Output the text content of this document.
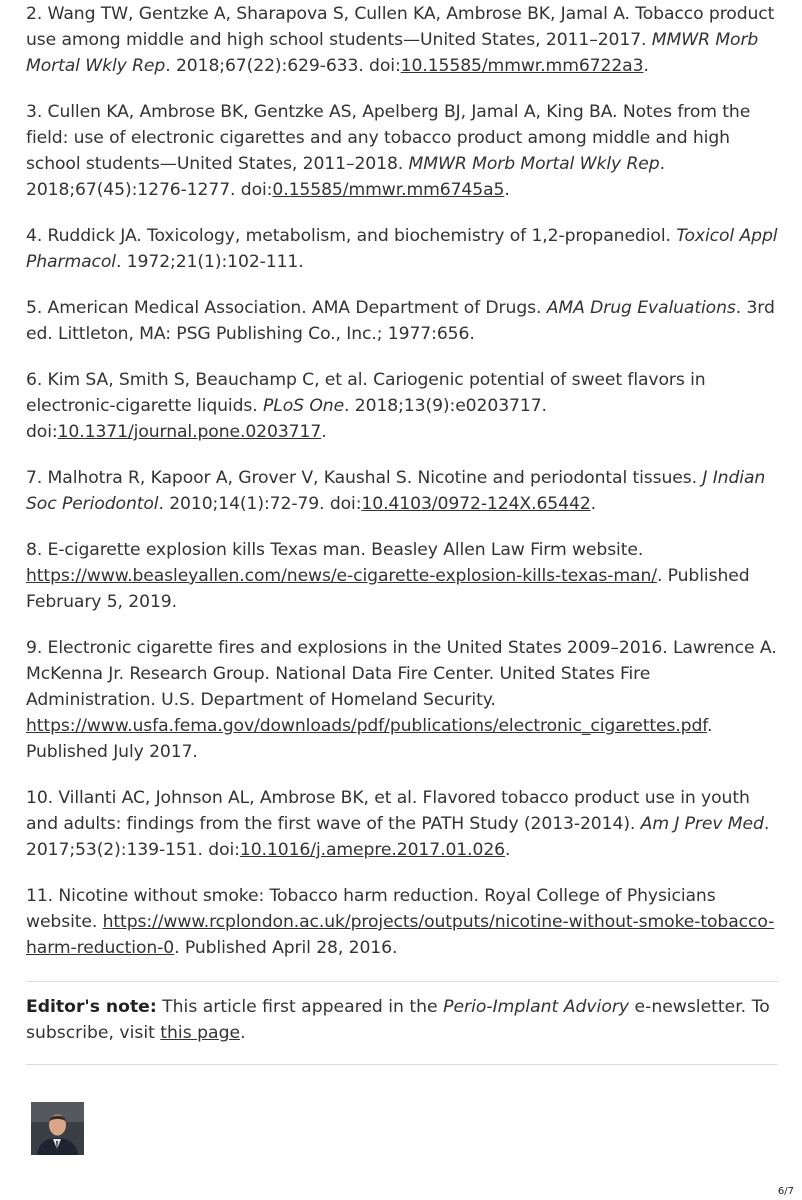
2. Wang TW, Gentzke A, Sharapova S, Cullen KA, Ambrose BK, Jamal A. Tobacco product use among middle and high school students—United States, 2011–2017. MMWR Morb Mortal Wkly Rep. 2018;67(22):629-633. doi:10.15585/mmwr.mm6722a3.

3. Cullen KA, Ambrose BK, Gentzke AS, Apelberg BJ, Jamal A, King BA. Notes from the field: use of electronic cigarettes and any tobacco product among middle and high school students—United States, 2011–2018. MMWR Morb Mortal Wkly Rep. 2018;67(45):1276-1277. doi:0.15585/mmwr.mm6745a5.

4. Ruddick JA. Toxicology, metabolism, and biochemistry of 1,2-propanediol. Toxicol Appl Pharmacol. 1972;21(1):102-111.

5. American Medical Association. AMA Department of Drugs. AMA Drug Evaluations. 3rd ed. Littleton, MA: PSG Publishing Co., Inc.; 1977:656.

6. Kim SA, Smith S, Beauchamp C, et al. Cariogenic potential of sweet flavors in electronic-cigarette liquids. PLoS One. 2018;13(9):e0203717. doi:10.1371/journal.pone.0203717.

7. Malhotra R, Kapoor A, Grover V, Kaushal S. Nicotine and periodontal tissues. J Indian Soc Periodontol. 2010;14(1):72-79. doi:10.4103/0972-124X.65442.

8. E-cigarette explosion kills Texas man. Beasley Allen Law Firm website. https://www.beasleyallen.com/news/e-cigarette-explosion-kills-texas-man/. Published February 5, 2019.

9. Electronic cigarette fires and explosions in the United States 2009–2016. Lawrence A. McKenna Jr. Research Group. National Data Fire Center. United States Fire Administration. U.S. Department of Homeland Security. https://www.usfa.fema.gov/downloads/pdf/publications/electronic_cigarettes.pdf. Published July 2017.

10. Villanti AC, Johnson AL, Ambrose BK, et al. Flavored tobacco product use in youth and adults: findings from the first wave of the PATH Study (2013-2014). Am J Prev Med. 2017;53(2):139-151. doi:10.1016/j.amepre.2017.01.026.

11. Nicotine without smoke: Tobacco harm reduction. Royal College of Physicians website. https://www.rcplondon.ac.uk/projects/outputs/nicotine-without-smoke-tobacco-harm-reduction-0. Published April 28, 2016.

Editor's note: This article first appeared in the Perio-Implant Adviory e-newsletter. To subscribe, visit this page.

6/7
